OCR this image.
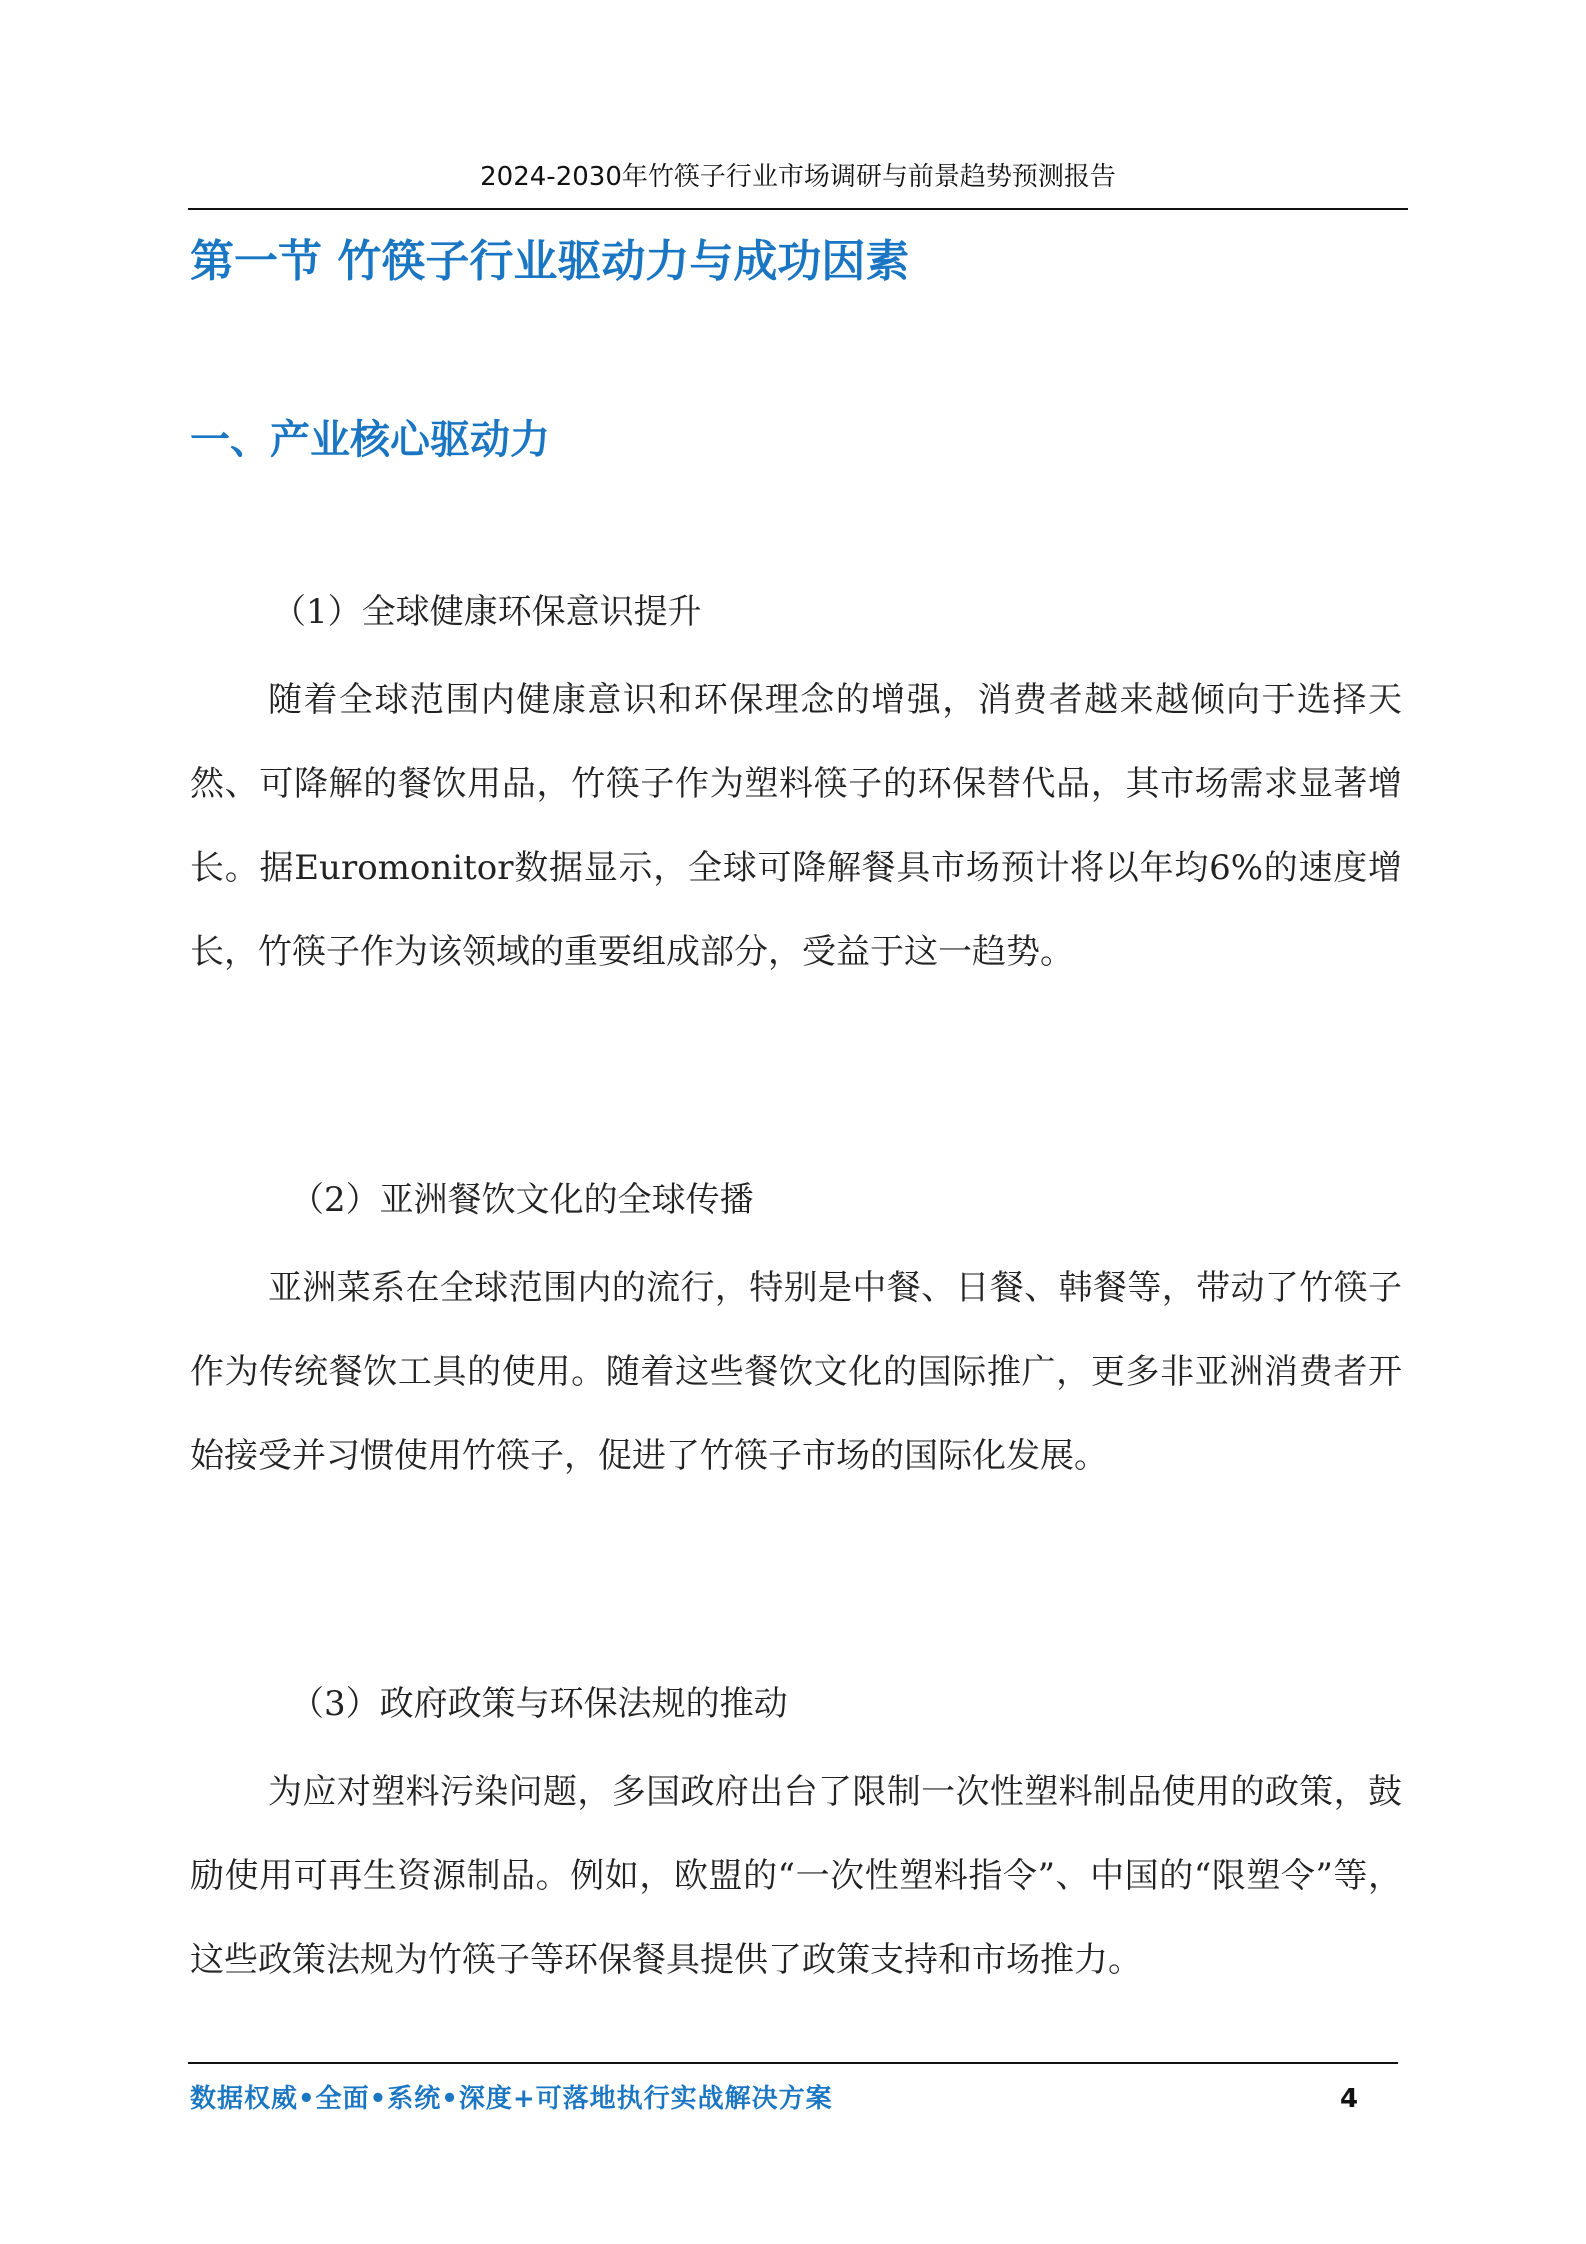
2024-2030年竹筷子行业市场调研与前景趋势预测报告
第一节 竹筷子行业驱动力与成功因素
一、产业核心驱动力
（1）全球健康环保意识提升
随着全球范围内健康意识和环保理念的增强，消费者越来越倾向于选择天然、可降解的餐饮用品，竹筷子作为塑料筷子的环保替代品，其市场需求显著增长。据Euromonitor数据显示，全球可降解餐具市场预计将以年均6%的速度增长，竹筷子作为该领域的重要组成部分，受益于这一趋势。
（2）亚洲餐饮文化的全球传播
亚洲菜系在全球范围内的流行，特别是中餐、日餐、韩餐等，带动了竹筷子作为传统餐饮工具的使用。随着这些餐饮文化的国际推广，更多非亚洲消费者开始接受并习惯使用竹筷子，促进了竹筷子市场的国际化发展。
（3）政府政策与环保法规的推动
为应对塑料污染问题，多国政府出台了限制一次性塑料制品使用的政策，鼓励使用可再生资源制品。例如，欧盟的“一次性塑料指令”、中国的“限塑令”等，这些政策法规为竹筷子等环保餐具提供了政策支持和市场推力。
数据权威•全面•系统•深度+可落地执行实战解决方案	4
